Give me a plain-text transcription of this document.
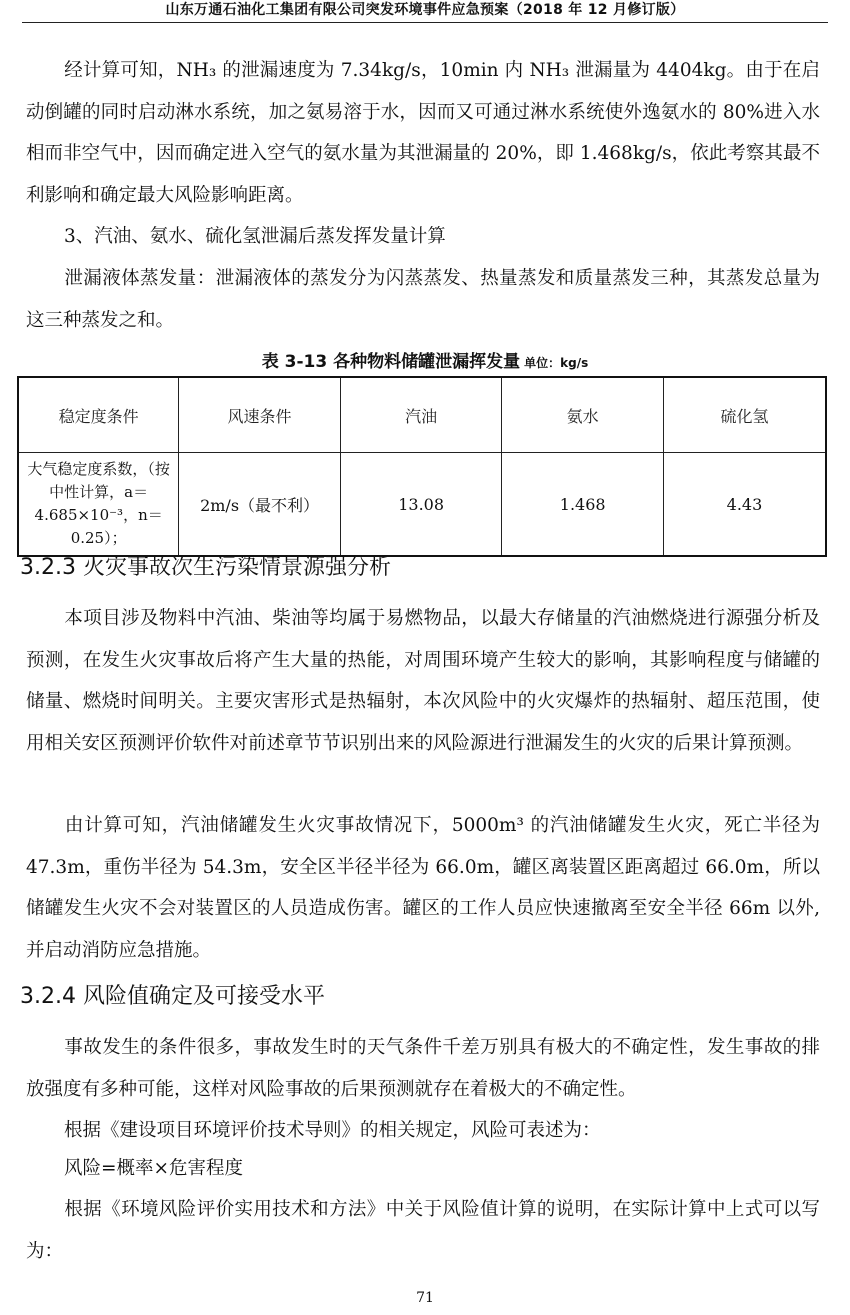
山东万通石油化工集团有限公司突发环境事件应急预案（2018 年 12 月修订版）

经计算可知，NH₃ 的泄漏速度为 7.34kg/s，10min 内 NH₃ 泄漏量为 4404kg。由于在启动倒罐的同时启动淋水系统，加之氨易溶于水，因而又可通过淋水系统使外逸氨水的 80%进入水相而非空气中，因而确定进入空气的氨水量为其泄漏量的 20%，即 1.468kg/s，依此考察其最不利影响和确定最大风险影响距离。

3、汽油、氨水、硫化氢泄漏后蒸发挥发量计算

泄漏液体蒸发量：泄漏液体的蒸发分为闪蒸蒸发、热量蒸发和质量蒸发三种，其蒸发总量为这三种蒸发之和。

表 3-13 各种物料储罐泄漏挥发量 单位：kg/s
稳定度条件	风速条件	汽油	氨水	硫化氢
大气稳定度系数，（按中性计算，a＝4.685×10⁻³，n＝0.25）；	2m/s（最不利）	13.08	1.468	4.43
3.2.3 火灾事故次生污染情景源强分析

本项目涉及物料中汽油、柴油等均属于易燃物品，以最大存储量的汽油燃烧进行源强分析及预测，在发生火灾事故后将产生大量的热能，对周围环境产生较大的影响，其影响程度与储罐的储量、燃烧时间明关。主要灾害形式是热辐射，本次风险中的火灾爆炸的热辐射、超压范围，使用相关安区预测评价软件对前述章节节识别出来的风险源进行泄漏发生的火灾的后果计算预测。

由计算可知，汽油储罐发生火灾事故情况下，5000m³ 的汽油储罐发生火灾，死亡半径为 47.3m，重伤半径为 54.3m，安全区半径半径为 66.0m，罐区离装置区距离超过 66.0m，所以储罐发生火灾不会对装置区的人员造成伤害。罐区的工作人员应快速撤离至安全半径 66m 以外,并启动消防应急措施。

3.2.4 风险值确定及可接受水平

事故发生的条件很多，事故发生时的天气条件千差万别具有极大的不确定性，发生事故的排放强度有多种可能，这样对风险事故的后果预测就存在着极大的不确定性。

根据《建设项目环境评价技术导则》的相关规定，风险可表述为：

风险=概率×危害程度

根据《环境风险评价实用技术和方法》中关于风险值计算的说明，在实际计算中上式可以写为：

71
